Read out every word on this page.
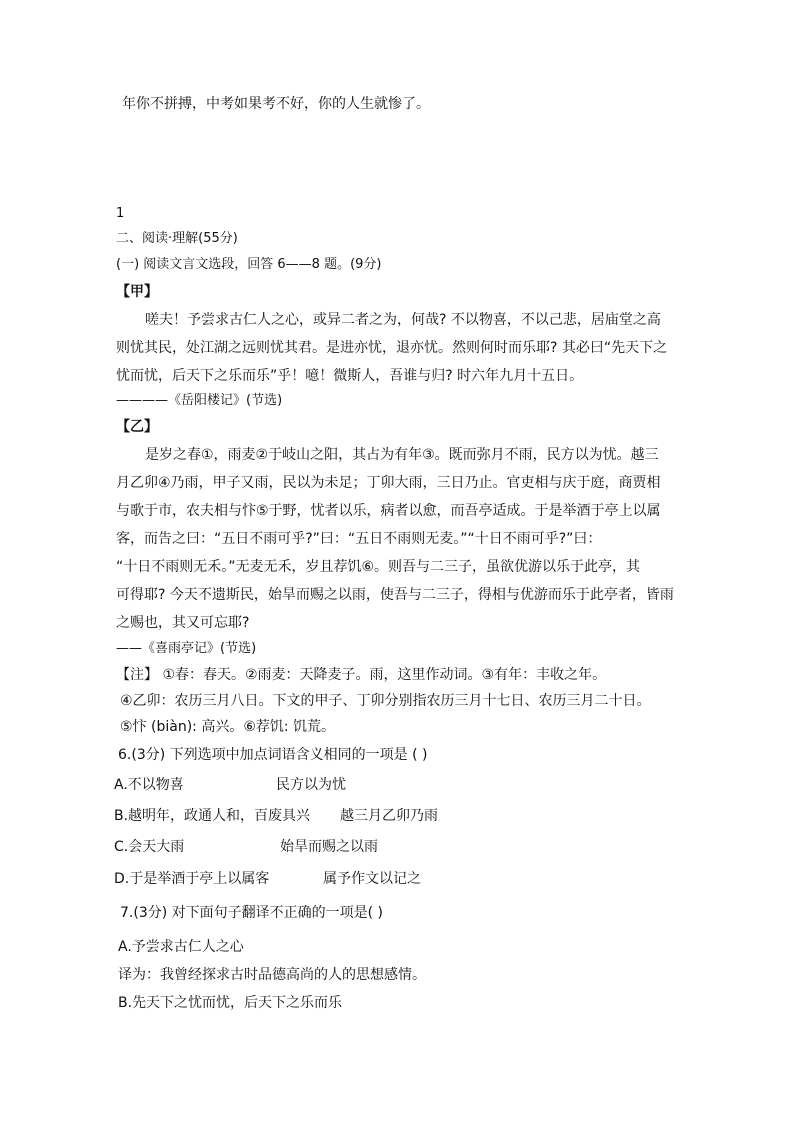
年你不拼搏，中考如果考不好，你的人生就惨了。

1

二、阅读·理解(55分)

(一) 阅读文言文选段，回答 6——8 题。(9分)

【甲】

嗟夫！予尝求古仁人之心，或异二者之为，何哉? 不以物喜，不以己悲，居庙堂之高

则忧其民，处江湖之远则忧其君。是进亦忧，退亦忧。然则何时而乐耶? 其必曰“先天下之

忧而忧，后天下之乐而乐”乎！噫！微斯人，吾谁与归? 时六年九月十五日。

————《岳阳楼记》(节选)

【乙】

是岁之春①，雨麦②于岐山之阳，其占为有年③。既而弥月不雨，民方以为忧。越三

月乙卯④乃雨，甲子又雨，民以为未足；丁卯大雨，三日乃止。官吏相与庆于庭，商贾相

与歌于市，农夫相与忭⑤于野，忧者以乐，病者以愈，而吾亭适成。于是举酒于亭上以属

客，而告之曰：“五日不雨可乎?”曰：“五日不雨则无麦。”“十日不雨可乎?”曰：

“十日不雨则无禾。”无麦无禾，岁且荐饥⑥。则吾与二三子，虽欲优游以乐于此亭，其

可得耶? 今天不遗斯民，始旱而赐之以雨，使吾与二三子，得相与优游而乐于此亭者，皆雨

之赐也，其又可忘耶?

——《喜雨亭记》(节选)

【注】 ①春：春天。②雨麦：天降麦子。雨，这里作动词。③有年：丰收之年。

④乙卯：农历三月八日。下文的甲子、丁卯分别指农历三月十七日、农历三月二十日。

⑤忭 (biàn): 高兴。⑥荐饥: 饥荒。

6.(3分) 下列选项中加点词语含义相同的一项是 ( )

A.不以物喜	民方以为忧

B.越明年，政通人和，百废具兴 越三月乙卯乃雨

C.会天大雨	始旱而赐之以雨

D.于是举酒于亭上以属客	属予作文以记之

7.(3分) 对下面句子翻译不正确的一项是( )

A.予尝求古仁人之心

译为：我曾经探求古时品德高尚的人的思想感情。

B.先天下之忧而忧，后天下之乐而乐
